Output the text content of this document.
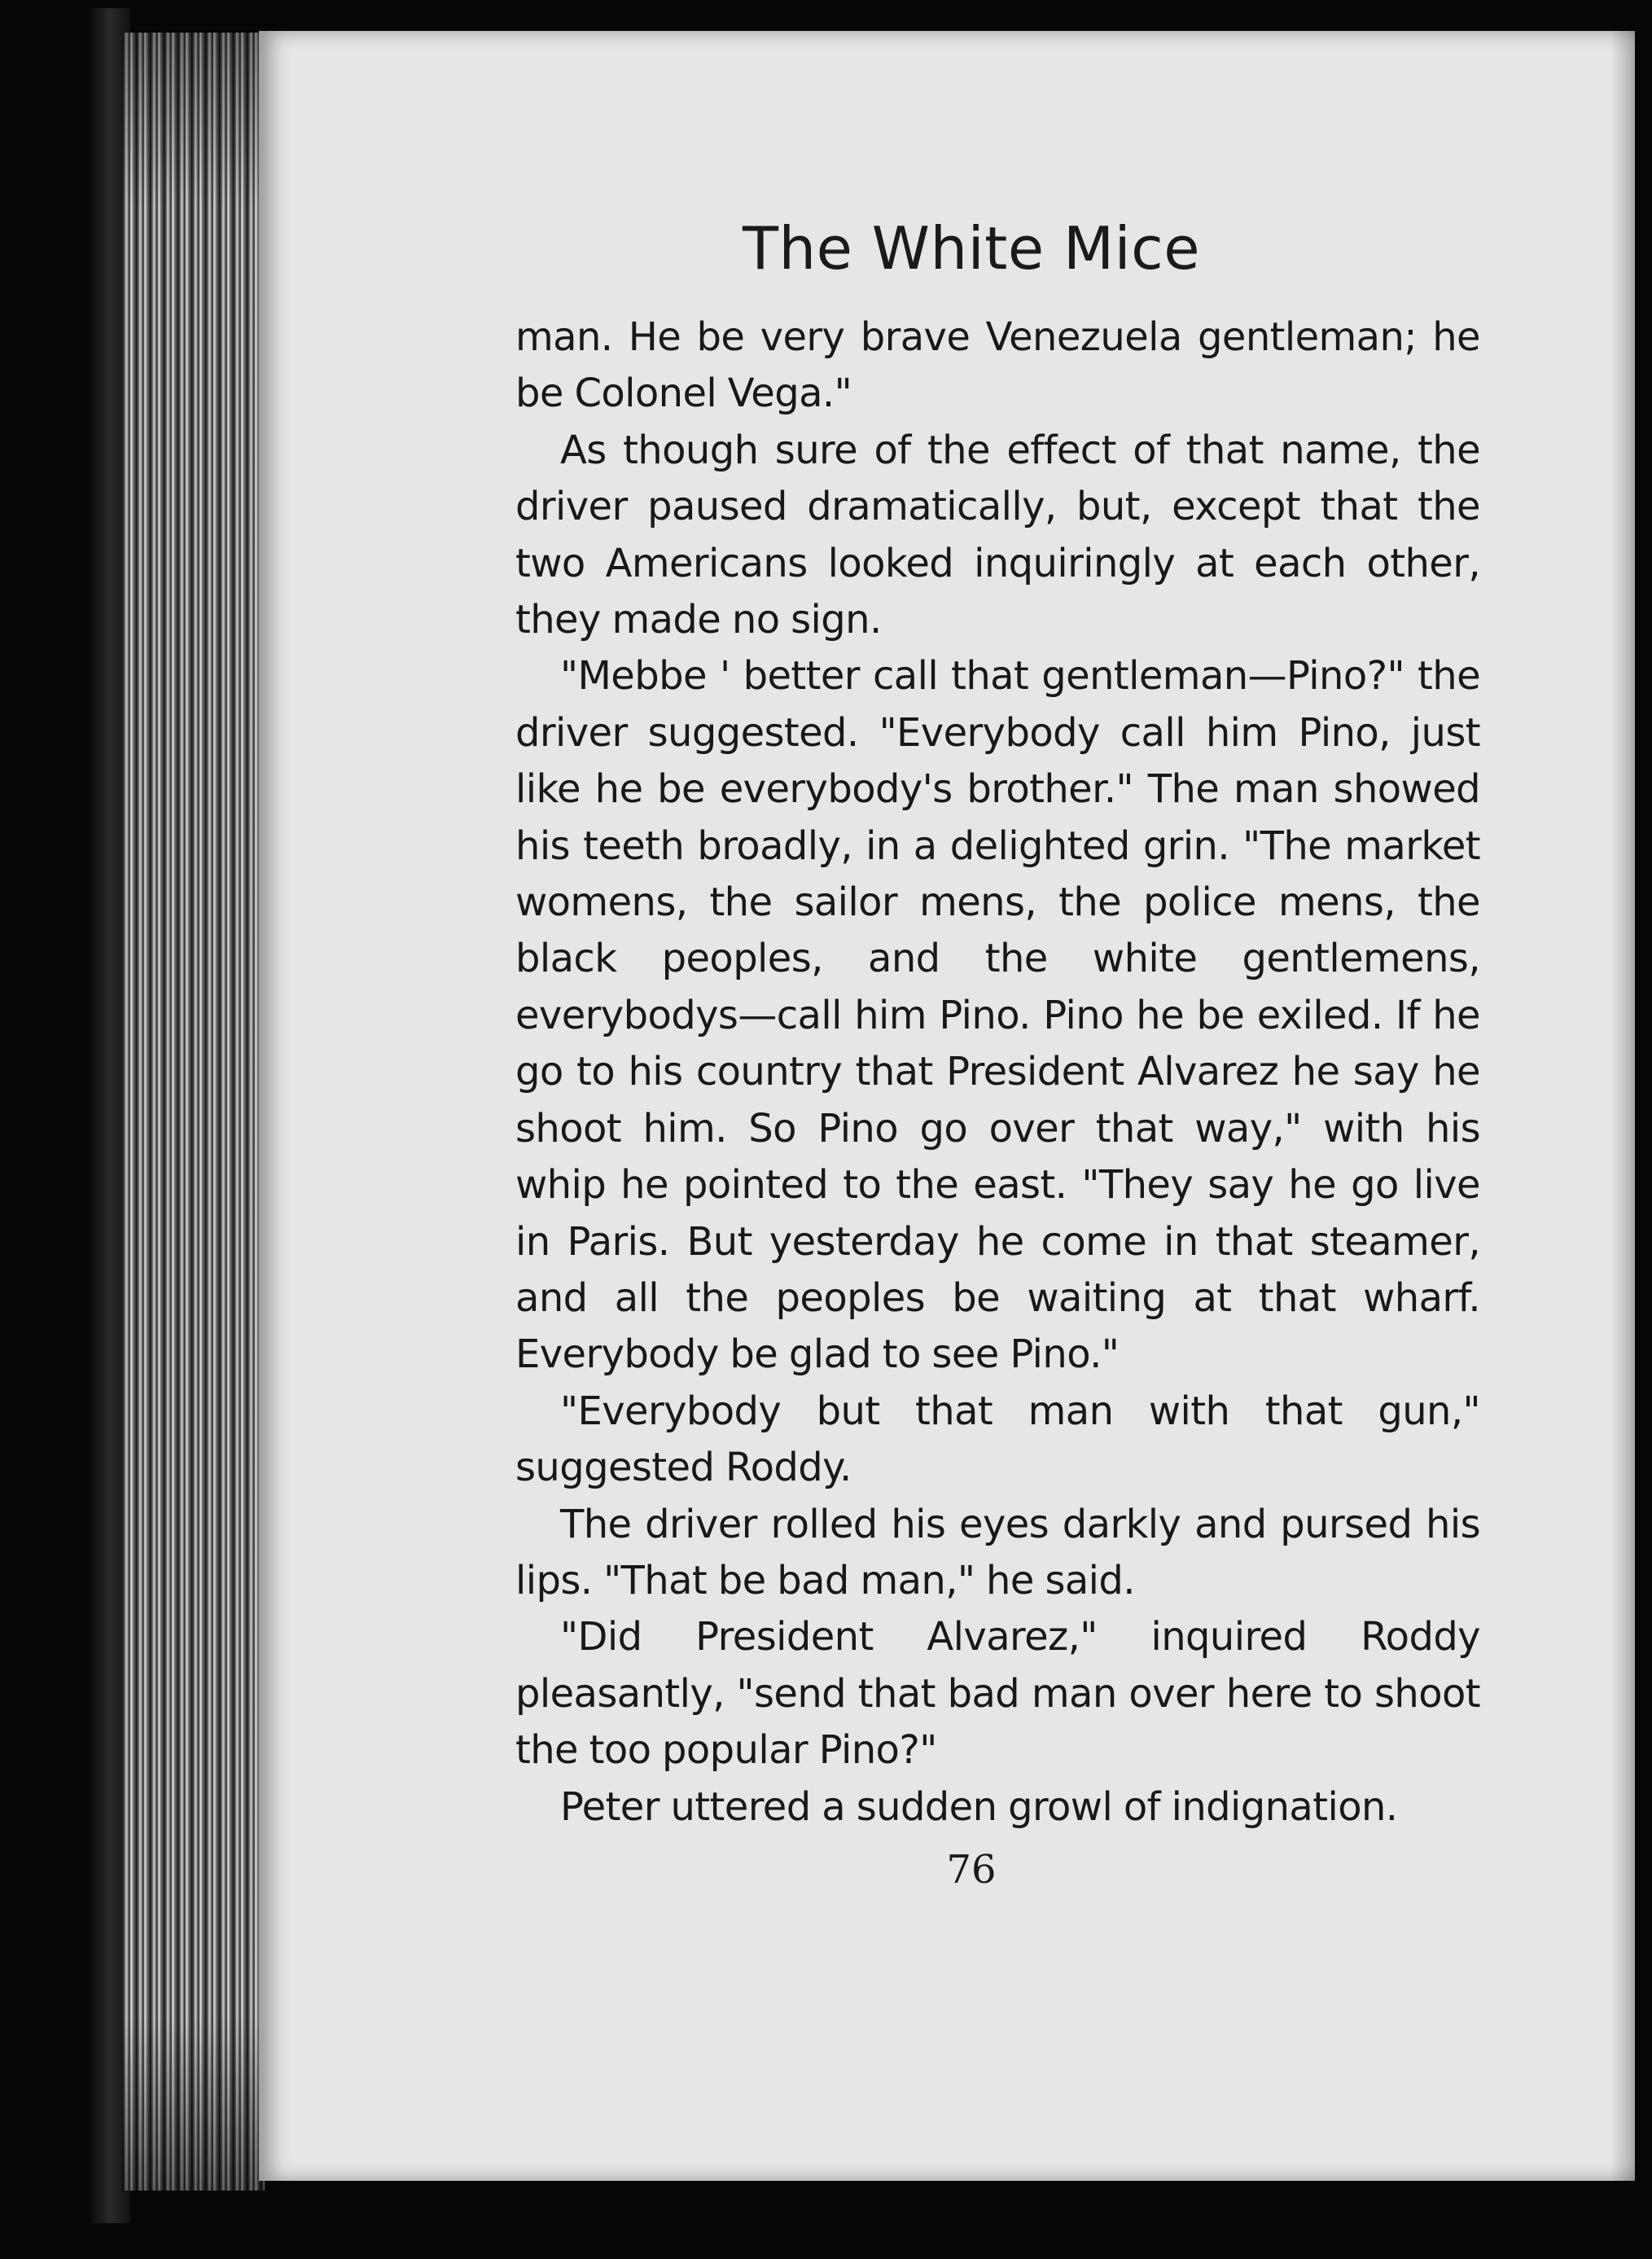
The White Mice

man. He be very brave Venezuela gentleman; he be Colonel Vega."

As though sure of the effect of that name, the driver paused dramatically, but, except that the two Americans looked inquiringly at each other, they made no sign.

"Mebbe ' better call that gentleman—Pino?" the driver suggested. "Everybody call him Pino, just like he be everybody's brother." The man showed his teeth broadly, in a delighted grin. "The market womens, the sailor mens, the police mens, the black peoples, and the white gentlemens, everybodys—call him Pino. Pino he be exiled. If he go to his country that President Alvarez he say he shoot him. So Pino go over that way," with his whip he pointed to the east. "They say he go live in Paris. But yesterday he come in that steamer, and all the peoples be waiting at that wharf. Everybody be glad to see Pino."

"Everybody but that man with that gun," suggested Roddy.

The driver rolled his eyes darkly and pursed his lips. "That be bad man," he said.

"Did President Alvarez," inquired Roddy pleasantly, "send that bad man over here to shoot the too popular Pino?"

Peter uttered a sudden growl of indignation.

76
